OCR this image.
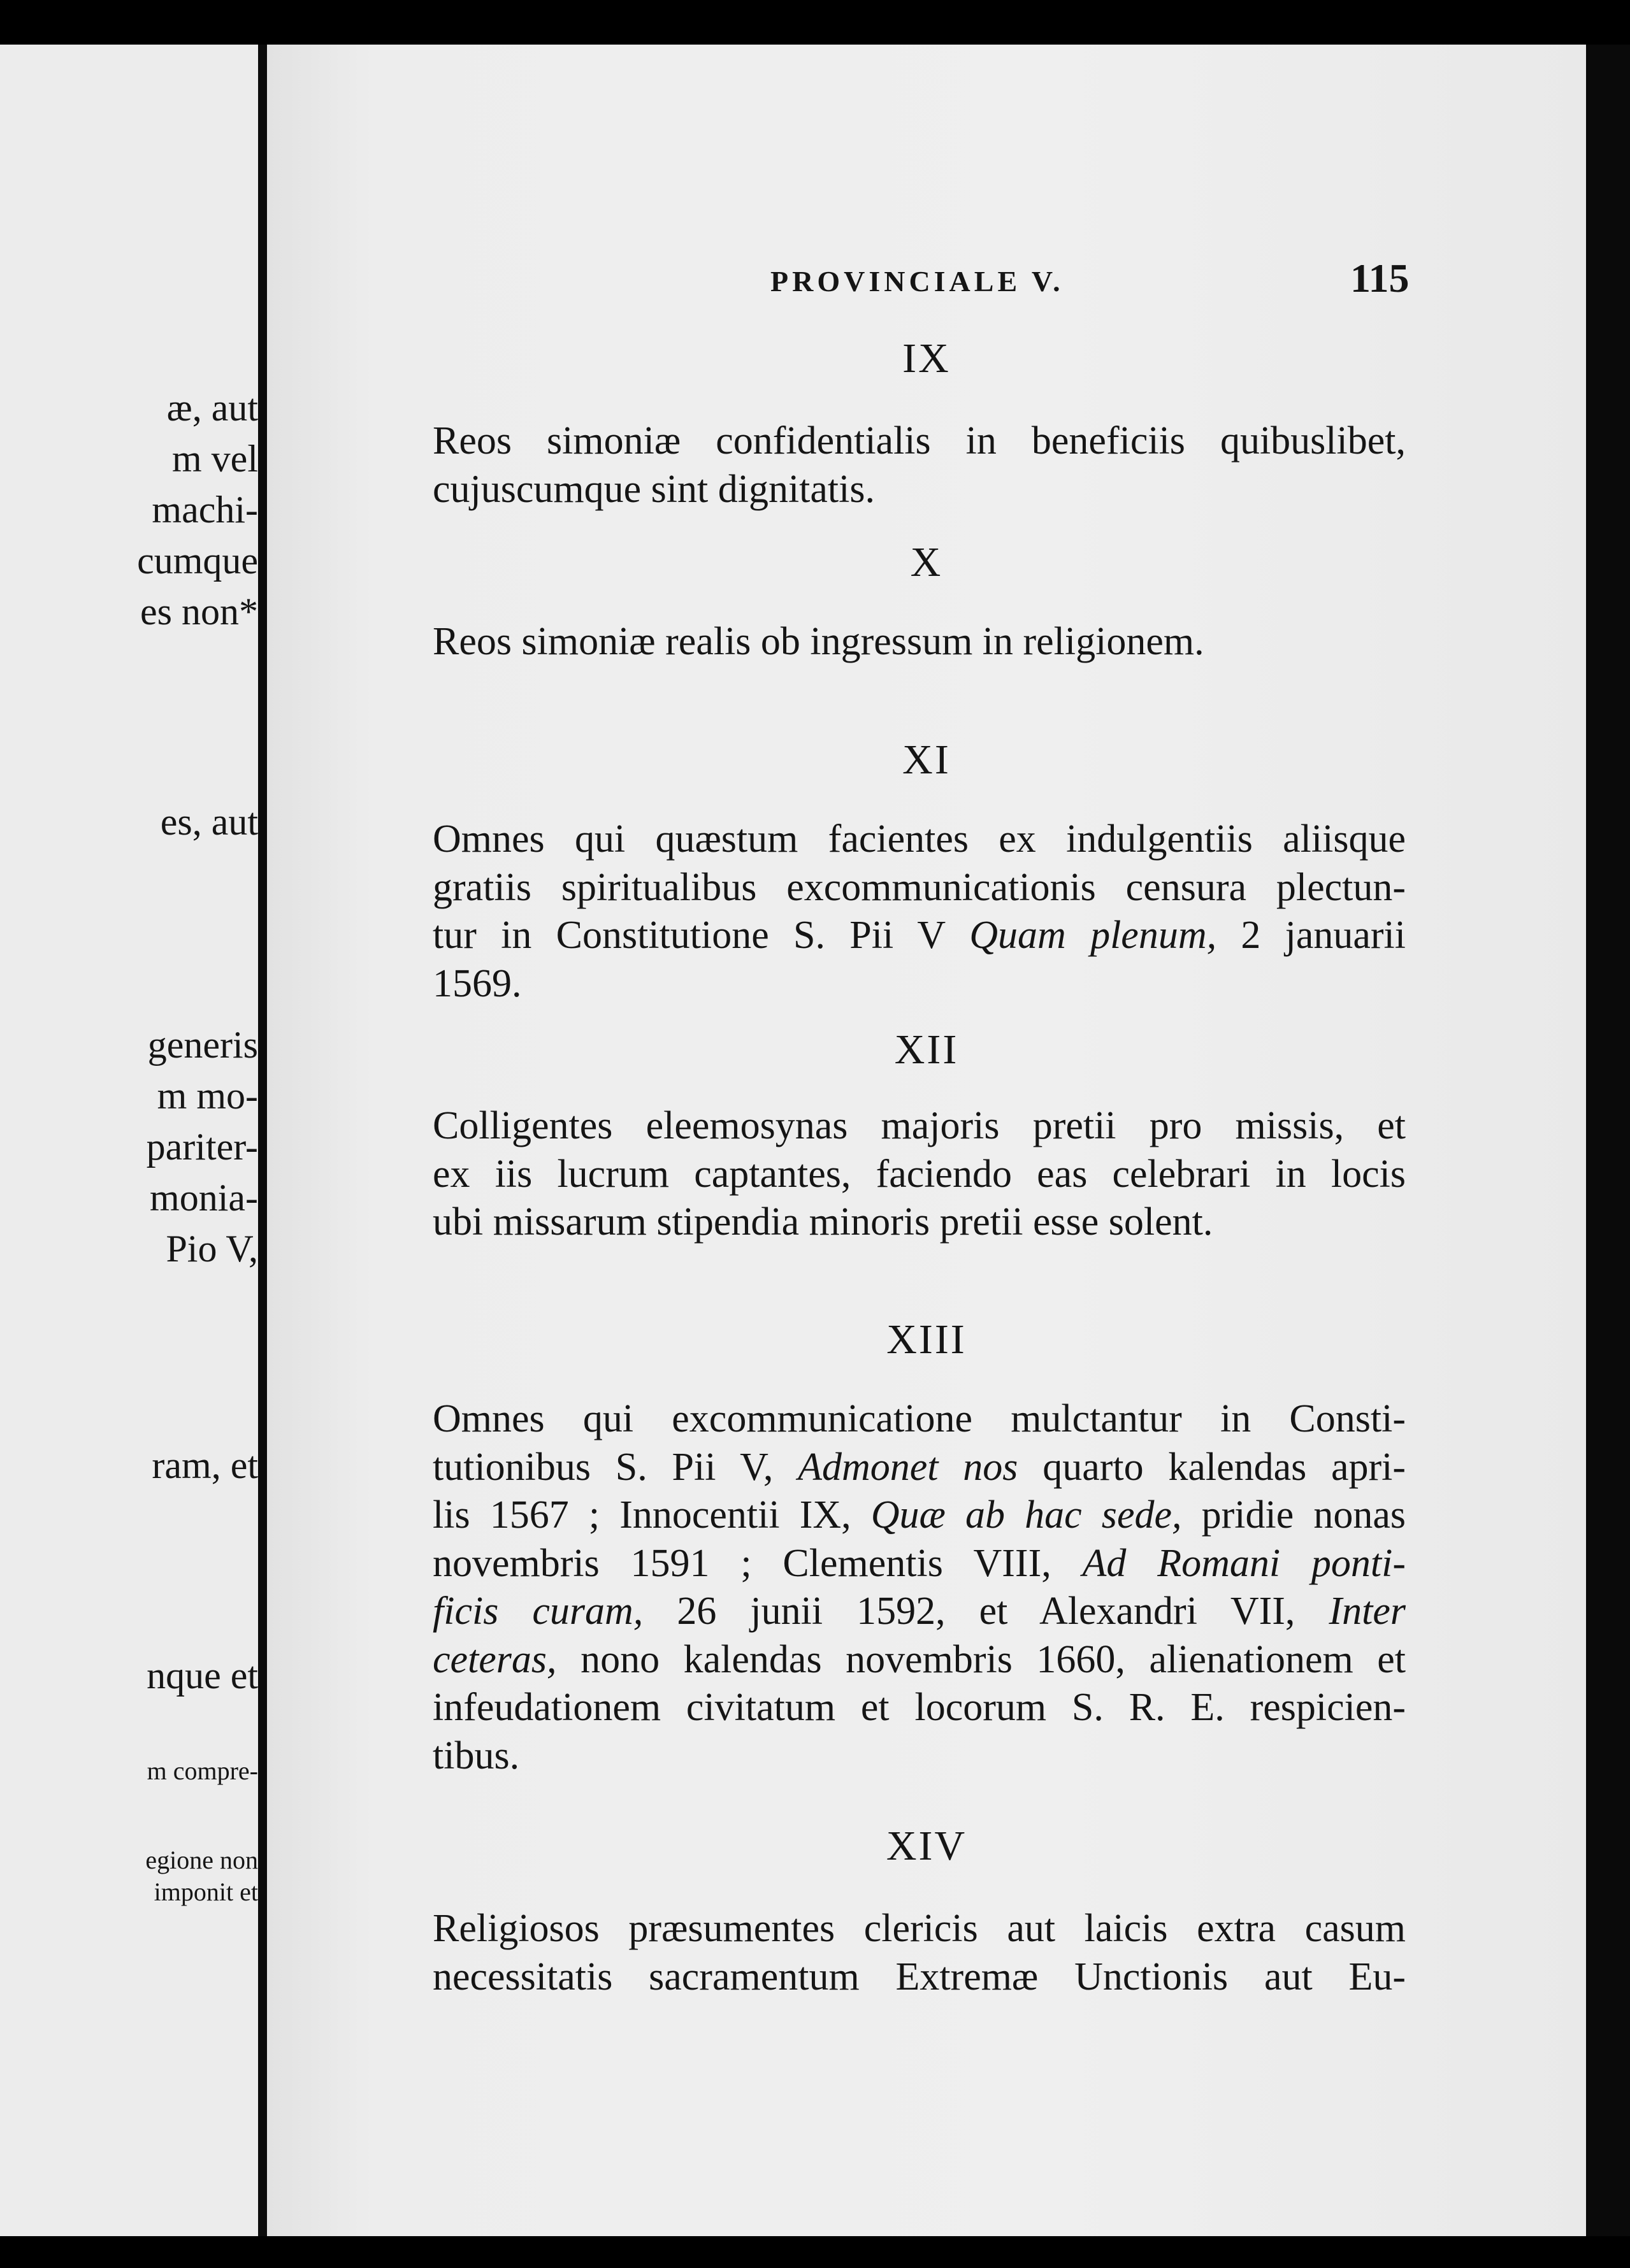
æ, aut
m vel
machi-
cumque
es non*
es, aut
generis
m mo-
pariter-
monia-
Pio V,
ram, et
nque et
m compre-
egione non
imponit et
PROVINCIALE V.	115
IX
Reos simoniæ confidentialis in beneficiis quibuslibet,
cujuscumque sint dignitatis.
X
Reos simoniæ realis ob ingressum in religionem.
XI
Omnes qui quæstum facientes ex indulgentiis aliisque
gratiis spiritualibus excommunicationis censura plectun-
tur in Constitutione S. Pii V Quam plenum, 2 januarii
1569.
XII
Colligentes eleemosynas majoris pretii pro missis, et
ex iis lucrum captantes, faciendo eas celebrari in locis
ubi missarum stipendia minoris pretii esse solent.
XIII
Omnes qui excommunicatione mulctantur in Consti-
tutionibus S. Pii V, Admonet nos quarto kalendas apri-
lis 1567 ; Innocentii IX, Quæ ab hac sede, pridie nonas
novembris 1591 ; Clementis VIII, Ad Romani ponti-
ficis curam, 26 junii 1592, et Alexandri VII, Inter
ceteras, nono kalendas novembris 1660, alienationem et
infeudationem civitatum et locorum S. R. E. respicien-
tibus.
XIV
Religiosos præsumentes clericis aut laicis extra casum
necessitatis sacramentum Extremæ Unctionis aut Eu-
